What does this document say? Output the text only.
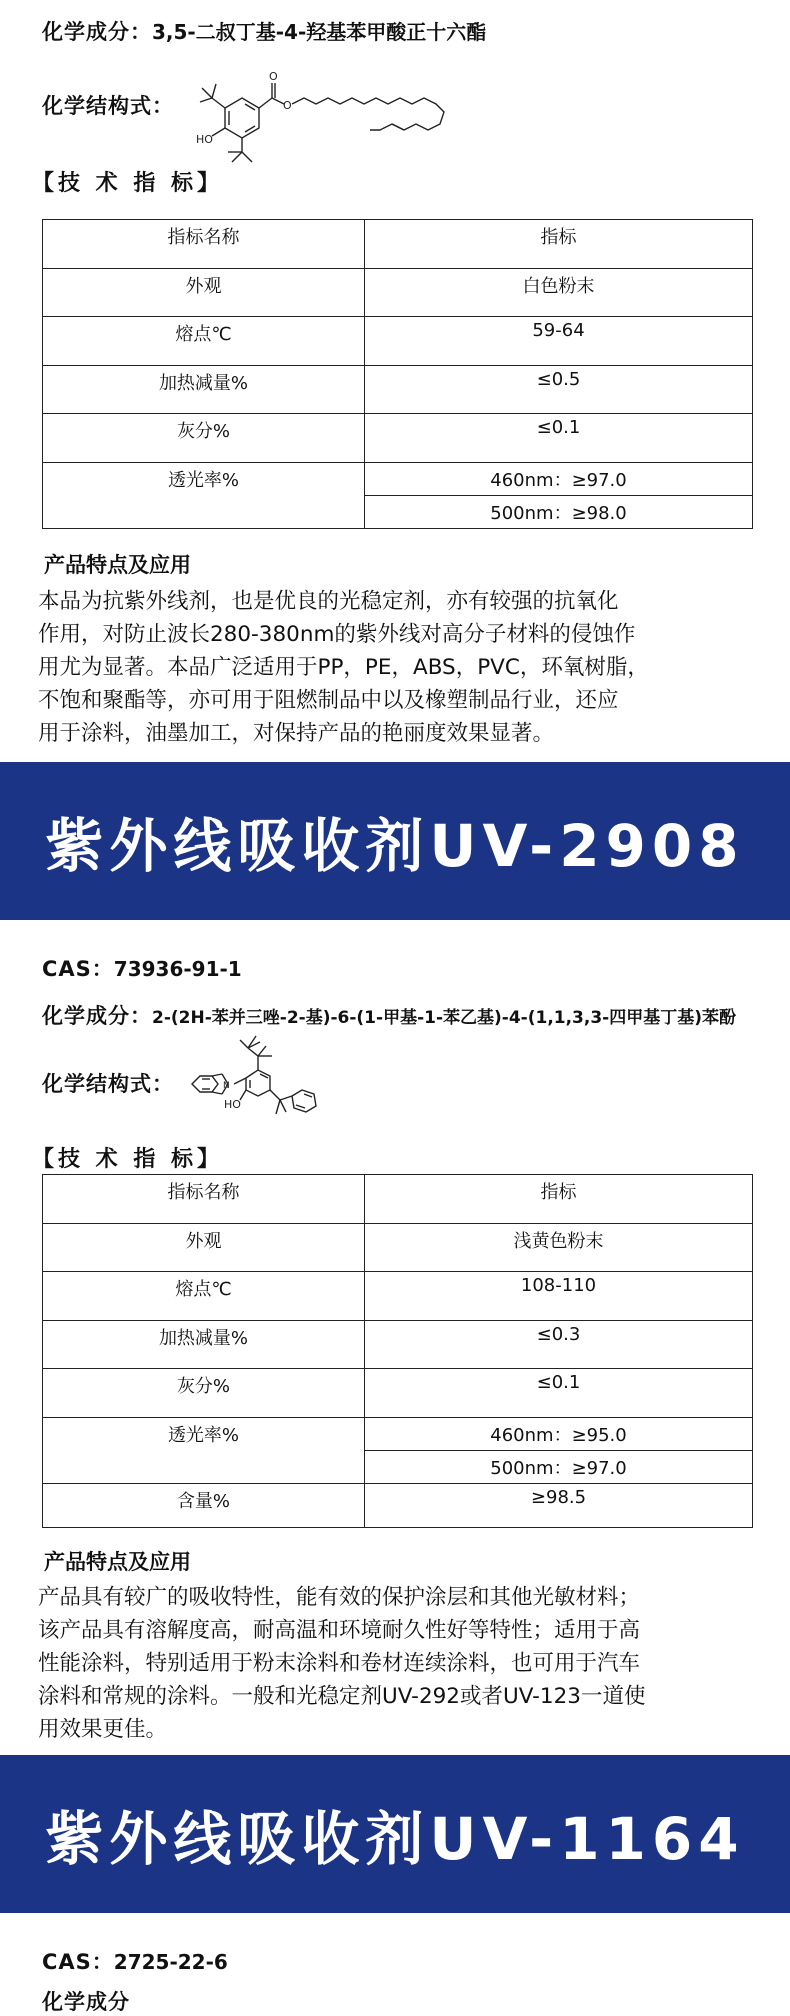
化学成分：3,5-二叔丁基-4-羟基苯甲酸正十六酯
化学结构式：
HO
O
O
【技 术 指 标】
指标名称	指标
外观	白色粉末
熔点℃	59-64
加热减量%	≤0.5
灰分%	≤0.1
透光率%	460nm：≥97.0
	500nm：≥98.0
产品特点及应用
本品为抗紫外线剂，也是优良的光稳定剂，亦有较强的抗氧化
作用，对防止波长280-380nm的紫外线对高分子材料的侵蚀作
用尤为显著。本品广泛适用于PP，PE，ABS，PVC，环氧树脂，
不饱和聚酯等，亦可用于阻燃制品中以及橡塑制品行业，还应
用于涂料，油墨加工，对保持产品的艳丽度效果显著。
紫外线吸收剂UV-2908
CAS：73936-91-1
化学成分：2-(2H-苯并三唑-2-基)-6-(1-甲基-1-苯乙基)-4-(1,1,3,3-四甲基丁基)苯酚
化学结构式：	N
HO
【技 术 指 标】
指标名称	指标
外观	浅黄色粉末
熔点℃	108-110
加热减量%	≤0.3
灰分%	≤0.1
透光率%	460nm：≥95.0
	500nm：≥97.0
含量%	≥98.5
产品特点及应用
产品具有较广的吸收特性，能有效的保护涂层和其他光敏材料；
该产品具有溶解度高，耐高温和环境耐久性好等特性；适用于高
性能涂料，特别适用于粉末涂料和卷材连续涂料，也可用于汽车
涂料和常规的涂料。一般和光稳定剂UV-292或者UV-123一道使
用效果更佳。
紫外线吸收剂UV-1164
CAS：2725-22-6
化学成分
